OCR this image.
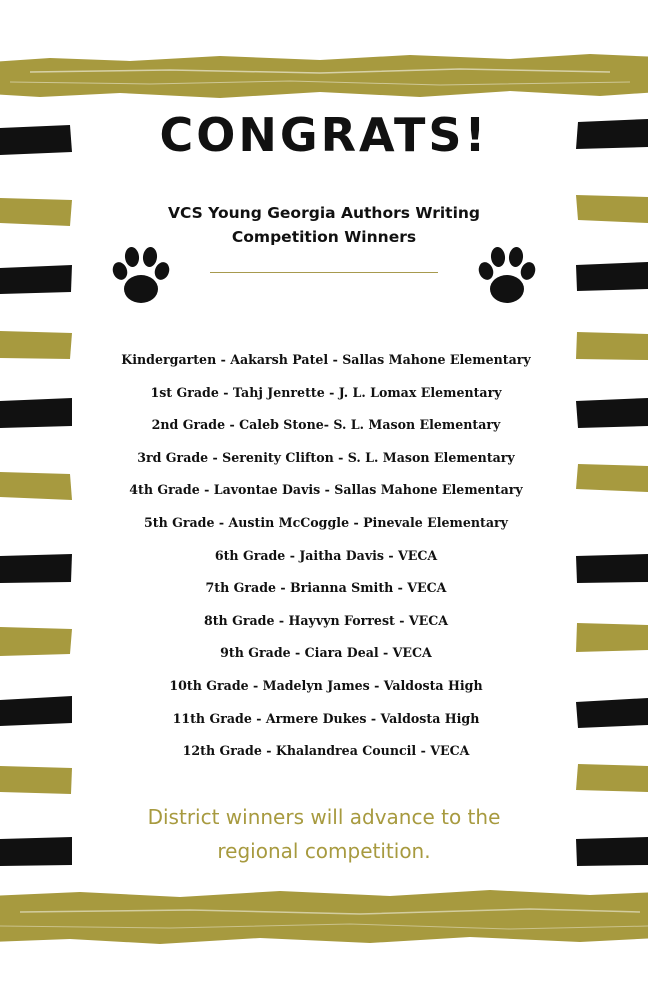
CONGRATS!
VCS Young Georgia Authors Writing Competition Winners
Kindergarten - Aakarsh Patel - Sallas Mahone Elementary
1st Grade - Tahj Jenrette - J. L. Lomax Elementary
2nd Grade - Caleb Stone- S. L. Mason Elementary
3rd Grade - Serenity Clifton - S. L. Mason Elementary
4th Grade - Lavontae Davis - Sallas Mahone Elementary
5th Grade - Austin McCoggle - Pinevale Elementary
6th Grade - Jaitha Davis - VECA
7th Grade - Brianna Smith - VECA
8th Grade - Hayvyn Forrest - VECA
9th Grade - Ciara Deal - VECA
10th Grade - Madelyn James - Valdosta High
11th Grade - Armere Dukes - Valdosta High
12th Grade - Khalandrea Council - VECA
District winners will advance to the regional competition.
